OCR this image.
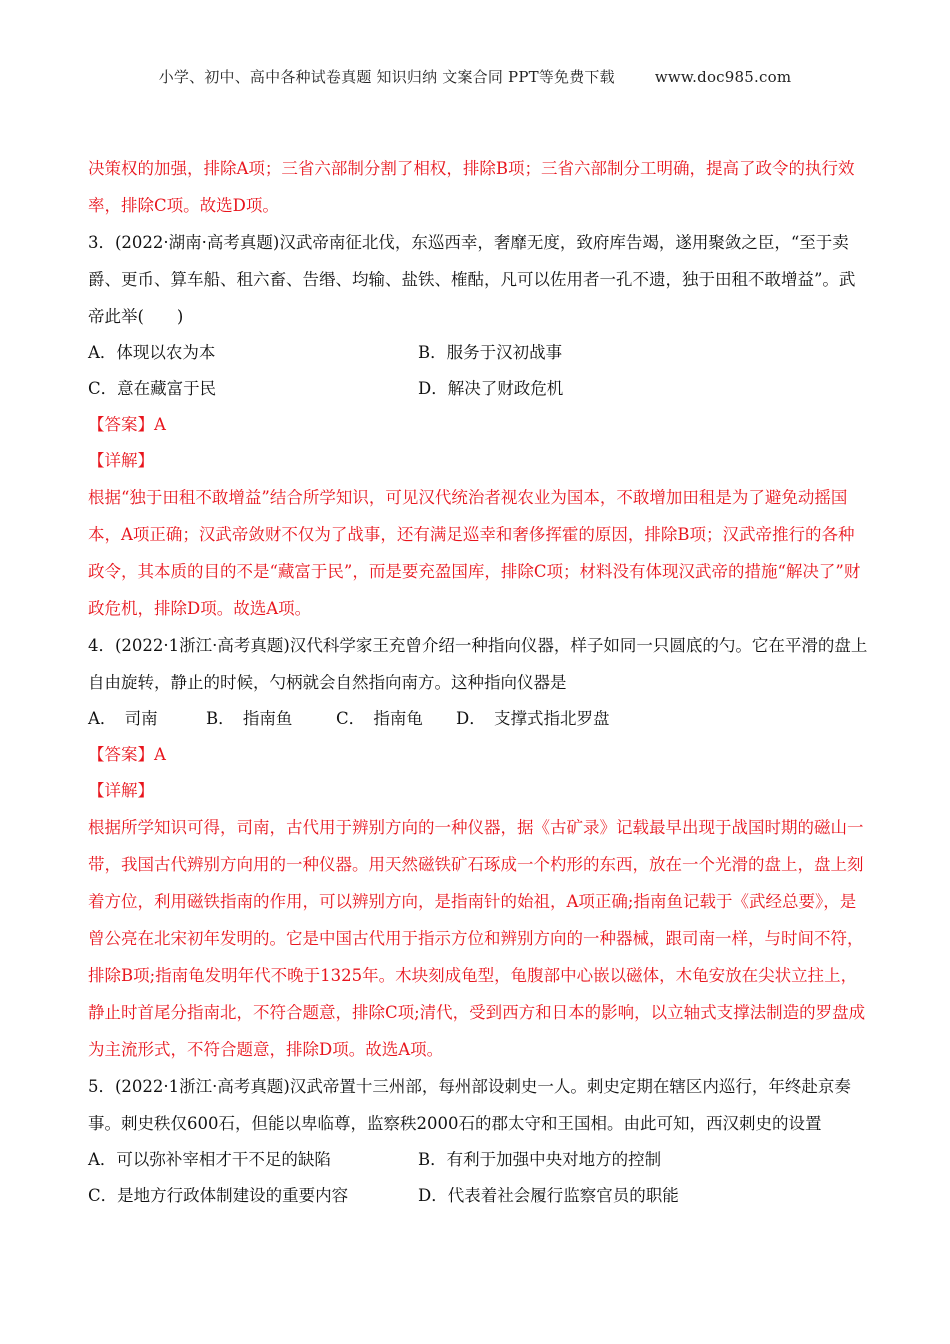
小学、初中、高中各种试卷真题 知识归纳 文案合同 PPT等免费下载	www.doc985.com

决策权的加强，排除A项；三省六部制分割了相权，排除B项；三省六部制分工明确，提高了政令的执行效率，排除C项。故选D项。

3．(2022·湖南·高考真题)汉武帝南征北伐，东巡西幸，奢靡无度，致府库告竭，遂用聚敛之臣，“至于卖爵、更币、算车船、租六畜、告缗、均输、盐铁、榷酤，凡可以佐用者一孔不遗，独于田租不敢增益”。武帝此举(　　)

A．体现以农为本	B．服务于汉初战事
C．意在藏富于民	D．解决了财政危机
【答案】A
【详解】

根据“独于田租不敢增益”结合所学知识，可见汉代统治者视农业为国本，不敢增加田租是为了避免动摇国本，A项正确；汉武帝敛财不仅为了战事，还有满足巡幸和奢侈挥霍的原因，排除B项；汉武帝推行的各种政令，其本质的目的不是“藏富于民”，而是要充盈国库，排除C项；材料没有体现汉武帝的措施“解决了”财政危机，排除D项。故选A项。

4．(2022·1浙江·高考真题)汉代科学家王充曾介绍一种指向仪器，样子如同一只圆底的勺。它在平滑的盘上自由旋转，静止的时候，勺柄就会自然指向南方。这种指向仪器是

A．　司南	B．　指南鱼	C．　指南龟	D．　支撑式指北罗盘
【答案】A
【详解】

根据所学知识可得，司南，古代用于辨别方向的一种仪器，据《古矿录》记载最早出现于战国时期的磁山一带，我国古代辨别方向用的一种仪器。用天然磁铁矿石琢成一个杓形的东西，放在一个光滑的盘上，盘上刻着方位，利用磁铁指南的作用，可以辨别方向，是指南针的始祖，A项正确;指南鱼记载于《武经总要》，是曾公亮在北宋初年发明的。它是中国古代用于指示方位和辨别方向的一种器械，跟司南一样，与时间不符，排除B项;指南龟发明年代不晚于1325年。木块刻成龟型，龟腹部中心嵌以磁体，木龟安放在尖状立拄上，静止时首尾分指南北，不符合题意，排除C项;清代，受到西方和日本的影响，以立轴式支撑法制造的罗盘成为主流形式，不符合题意，排除D项。故选A项。

5．(2022·1浙江·高考真题)汉武帝置十三州部，每州部设刺史一人。刺史定期在辖区内巡行，年终赴京奏事。刺史秩仅600石，但能以卑临尊，监察秩2000石的郡太守和王国相。由此可知，西汉刺史的设置

A．可以弥补宰相才干不足的缺陷	B．有利于加强中央对地方的控制
C．是地方行政体制建设的重要内容	D．代表着社会履行监察官员的职能
